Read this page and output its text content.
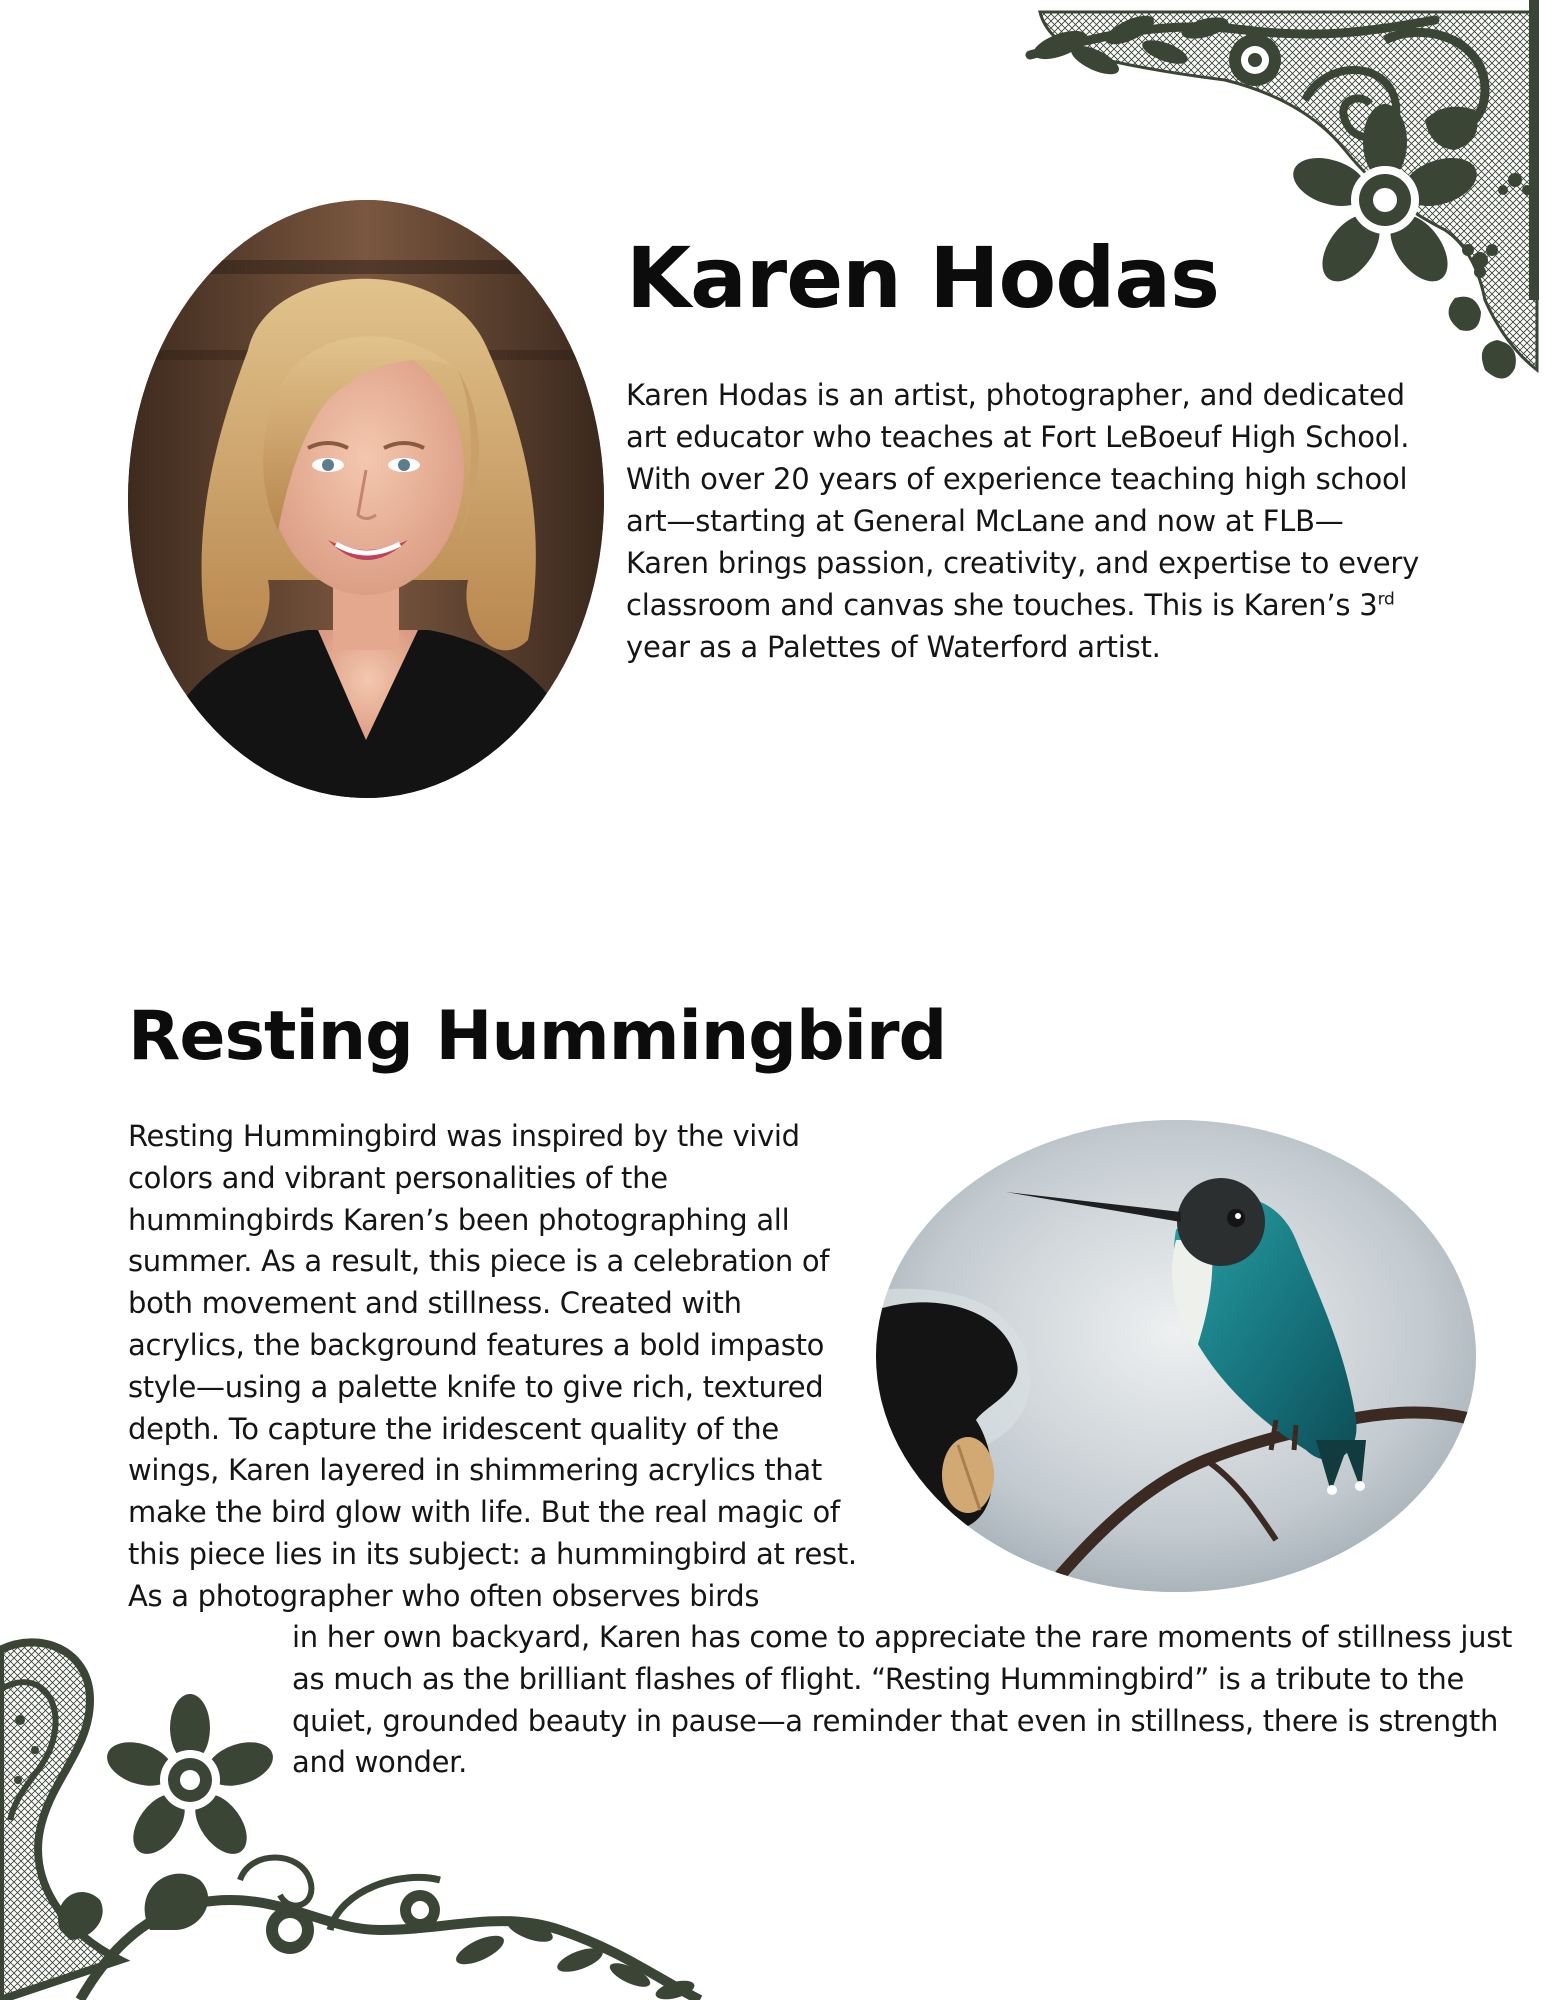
Karen Hodas

Karen Hodas is an artist, photographer, and dedicated art educator who teaches at Fort LeBoeuf High School. With over 20 years of experience teaching high school art—starting at General McLane and now at FLB—Karen brings passion, creativity, and expertise to every classroom and canvas she touches. This is Karen’s 3rd year as a Palettes of Waterford artist.

Resting Hummingbird

Resting Hummingbird was inspired by the vivid colors and vibrant personalities of the hummingbirds Karen’s been photographing all summer. As a result, this piece is a celebration of both movement and stillness. Created with acrylics, the background features a bold impasto style—using a palette knife to give rich, textured depth. To capture the iridescent quality of the wings, Karen layered in shimmering acrylics that make the bird glow with life. But the real magic of this piece lies in its subject: a hummingbird at rest. As a photographer who often observes birds

in her own backyard, Karen has come to appreciate the rare moments of stillness just as much as the brilliant flashes of flight. “Resting Hummingbird” is a tribute to the quiet, grounded beauty in pause—a reminder that even in stillness, there is strength and wonder.
